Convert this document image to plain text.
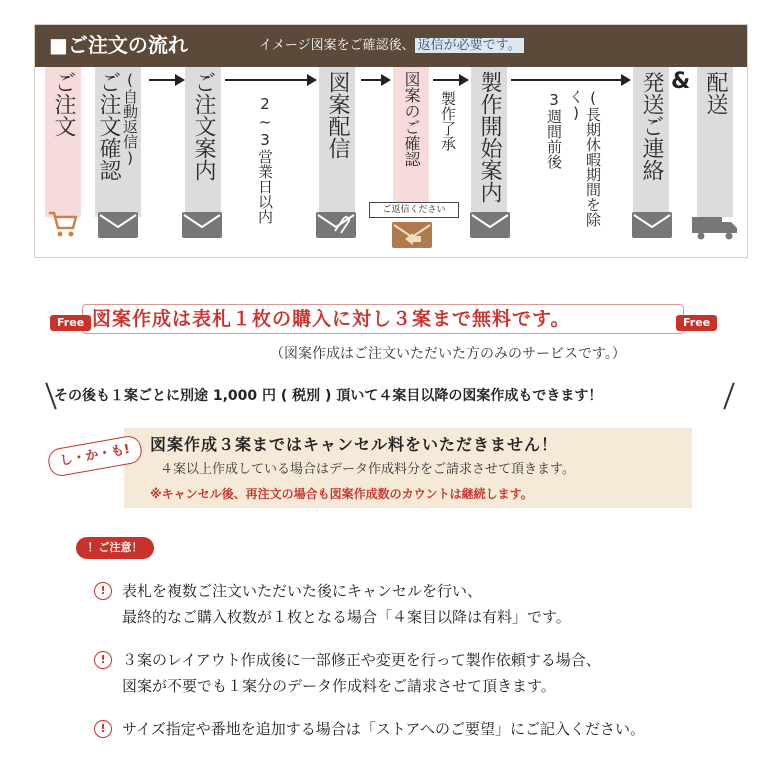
■ご注文の流れ	イメージ図案をご確認後、 返信が必要です。
ご注文	(自動返信)
ご注文確認	ご注文案内	2~3営業日以内 図案配信	図案のご確認 製作了承 製作開始案内	3週間前後	(長期休暇期間を除く)	発送ご連絡 & 配送
ご返信ください
Free	Free
図案作成は表札１枚の購入に対し３案まで無料です。
（図案作成はご注文いただいた方のみのサービスです。）
その後も１案ごとに別途 1,000 円 ( 税別 ) 頂いて４案目以降の図案作成もできます！
し・か・も!	図案作成３案まではキャンセル料をいただきません！
４案以上作成している場合はデータ作成料分をご請求させて頂きます。
※キャンセル後、再注文の場合も図案作成数のカウントは継続します。
！ご注意！
!	表札を複数ご注文いただいた後にキャンセルを行い、
最終的なご購入枚数が１枚となる場合「４案目以降は有料」です。
!	３案のレイアウト作成後に一部修正や変更を行って製作依頼する場合、
図案が不要でも１案分のデータ作成料をご請求させて頂きます。
!	サイズ指定や番地を追加する場合は「ストアへのご要望」にご記入ください。
